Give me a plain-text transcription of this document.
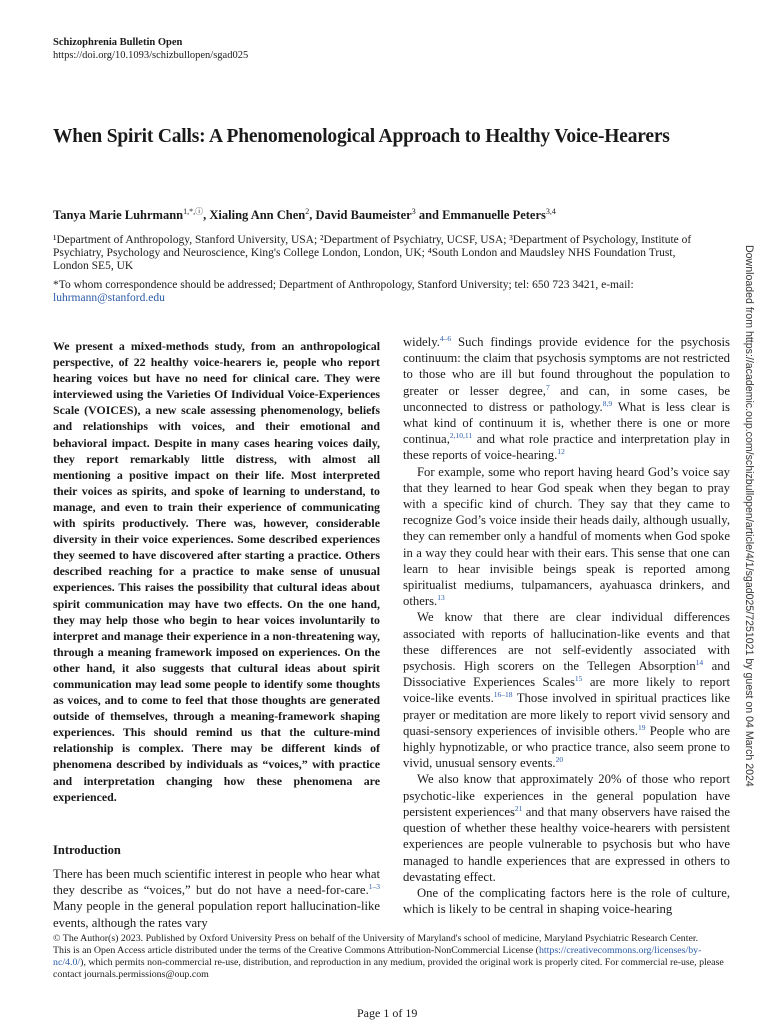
Schizophrenia Bulletin Open
https://doi.org/10.1093/schizbullopen/sgad025
When Spirit Calls: A Phenomenological Approach to Healthy Voice-Hearers
Tanya Marie Luhrmann$^{1,*,ⓘ}$, Xialing Ann Chen$^2$, David Baumeister$^3$ and Emmanuelle Peters$^{3,4}$
¹Department of Anthropology, Stanford University, USA; ²Department of Psychiatry, UCSF, USA; ³Department of Psychology, Institute of Psychiatry, Psychology and Neuroscience, King's College London, London, UK; ⁴South London and Maudsley NHS Foundation Trust, London SE5, UK
*To whom correspondence should be addressed; Department of Anthropology, Stanford University; tel: 650 723 3421, e-mail:
luhrmann@stanford.edu
We present a mixed-methods study, from an anthropological perspective, of 22 healthy voice-hearers ie, people who report hearing voices but have no need for clinical care. They were interviewed using the Varieties Of Individual Voice-Experiences Scale (VOICES), a new scale assessing phenomenology, beliefs and relationships with voices, and their emotional and behavioral impact. Despite in many cases hearing voices daily, they report remarkably little distress, with almost all mentioning a positive impact on their life. Most interpreted their voices as spirits, and spoke of learning to understand, to manage, and even to train their experience of communicating with spirits productively. There was, however, considerable diversity in their voice experiences. Some described experiences they seemed to have discovered after starting a practice. Others described reaching for a practice to make sense of unusual experiences. This raises the possibility that cultural ideas about spirit communication may have two effects. On the one hand, they may help those who begin to hear voices involuntarily to interpret and manage their experience in a non-threatening way, through a meaning framework imposed on experiences. On the other hand, it also suggests that cultural ideas about spirit communication may lead some people to identify some thoughts as voices, and to come to feel that those thoughts are generated outside of themselves, through a meaning-framework shaping experiences. This should remind us that the culture-mind relationship is complex. There may be different kinds of phenomena described by individuals as “voices,” with practice and interpretation changing how these phenomena are experienced.
Introduction
There has been much scientific interest in people who hear what they describe as “voices,” but do not have a need-for-care.$^{1-3}$ Many people in the general population report hallucination-like events, although the rates vary

widely.$^{4-6}$ Such findings provide evidence for the psychosis continuum: the claim that psychosis symptoms are not restricted to those who are ill but found throughout the population to greater or lesser degree,$^7$ and can, in some cases, be unconnected to distress or pathology.$^{8,9}$ What is less clear is what kind of continuum it is, whether there is one or more continua,$^{2,10,11}$ and what role practice and interpretation play in these reports of voice-hearing.$^{12}$

For example, some who report having heard God’s voice say that they learned to hear God speak when they began to pray with a specific kind of church. They say that they came to recognize God’s voice inside their heads daily, although usually, they can remember only a handful of moments when God spoke in a way they could hear with their ears. This sense that one can learn to hear invisible beings speak is reported among spiritualist mediums, tulpamancers, ayahuasca drinkers, and others.$^{13}$

We know that there are clear individual differences associated with reports of hallucination-like events and that these differences are not self-evidently associated with psychosis. High scorers on the Tellegen Absorption$^{14}$ and Dissociative Experiences Scales$^{15}$ are more likely to report voice-like events.$^{16-18}$ Those involved in spiritual practices like prayer or meditation are more likely to report vivid sensory and quasi-sensory experiences of invisible others.$^{19}$ People who are highly hypnotizable, or who practice trance, also seem prone to vivid, unusual sensory events.$^{20}$

We also know that approximately 20% of those who report psychotic-like experiences in the general population have persistent experiences$^{21}$ and that many observers have raised the question of whether these healthy voice-hearers with persistent experiences are people vulnerable to psychosis but who have managed to handle experiences that are expressed in others to devastating effect.

One of the complicating factors here is the role of culture, which is likely to be central in shaping voice-hearing

Downloaded from https://academic.oup.com/schizbullopen/article/4/1/sgad025/7251021 by guest on 04 March 2024
© The Author(s) 2023. Published by Oxford University Press on behalf of the University of Maryland's school of medicine, Maryland Psychiatric Research Center.
This is an Open Access article distributed under the terms of the Creative Commons Attribution-NonCommercial License (https://creativecommons.org/licenses/by-nc/4.0/), which permits non-commercial re-use, distribution, and reproduction in any medium, provided the original work is properly cited. For commercial re-use, please contact journals.permissions@oup.com
Page 1 of 19
